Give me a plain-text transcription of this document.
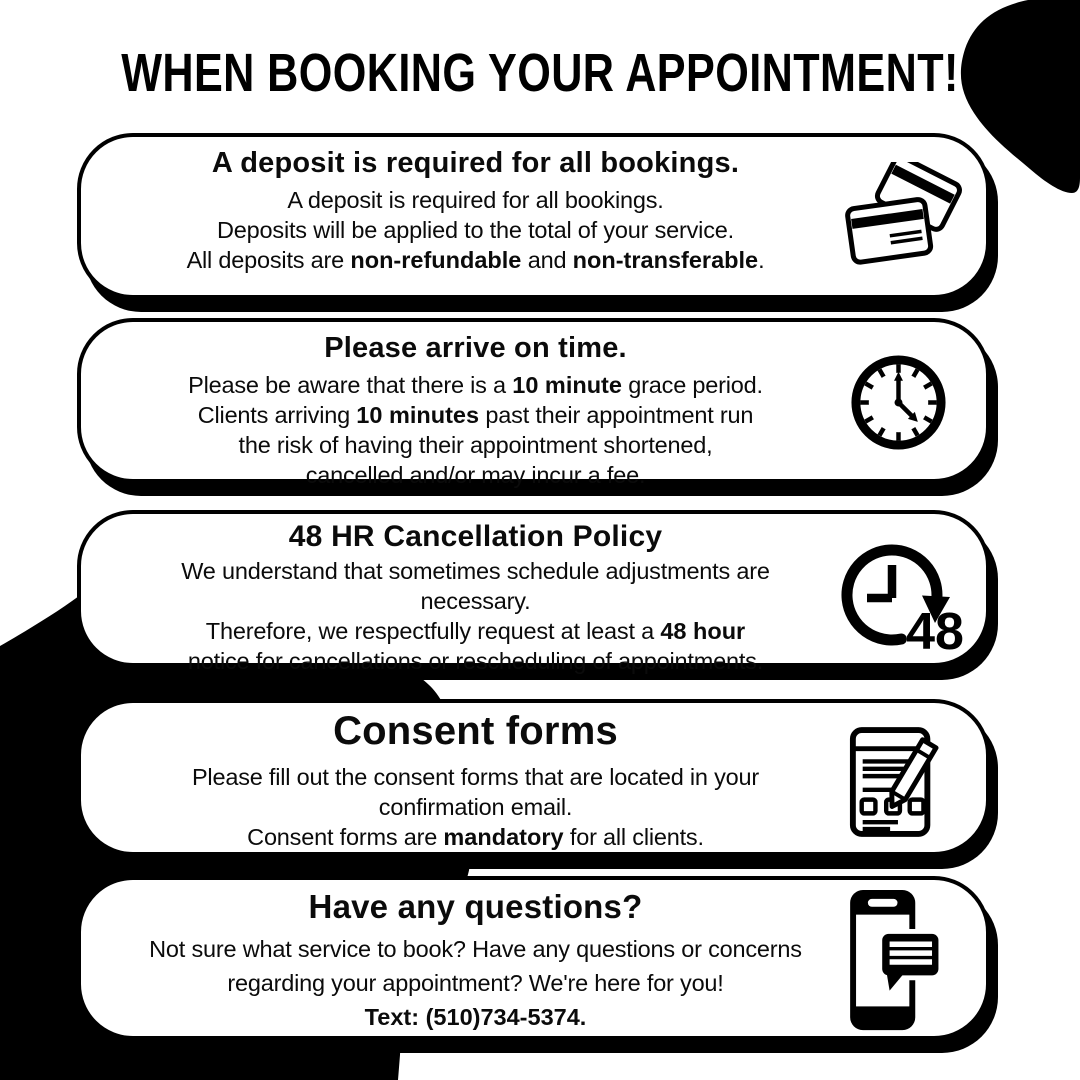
WHEN BOOKING YOUR APPOINTMENT!
A deposit is required for all bookings.
A deposit is required for all bookings.
Deposits will be applied to the total of your service.
All deposits are non-refundable and non-transferable.
Please arrive on time.
Please be aware that there is a 10 minute grace period.
Clients arriving 10 minutes past their appointment run
the risk of having their appointment shortened,
cancelled and/or may incur a fee.
48 HR Cancellation Policy
We understand that sometimes schedule adjustments are
necessary.
Therefore, we respectfully request at least a 48 hour
notice for cancellations or rescheduling of appointments.	48
Consent forms
Please fill out the consent forms that are located in your
confirmation email.
Consent forms are mandatory for all clients.
Have any questions?
Not sure what service to book? Have any questions or concerns
regarding your appointment? We're here for you!
Text: (510)734-5374.
